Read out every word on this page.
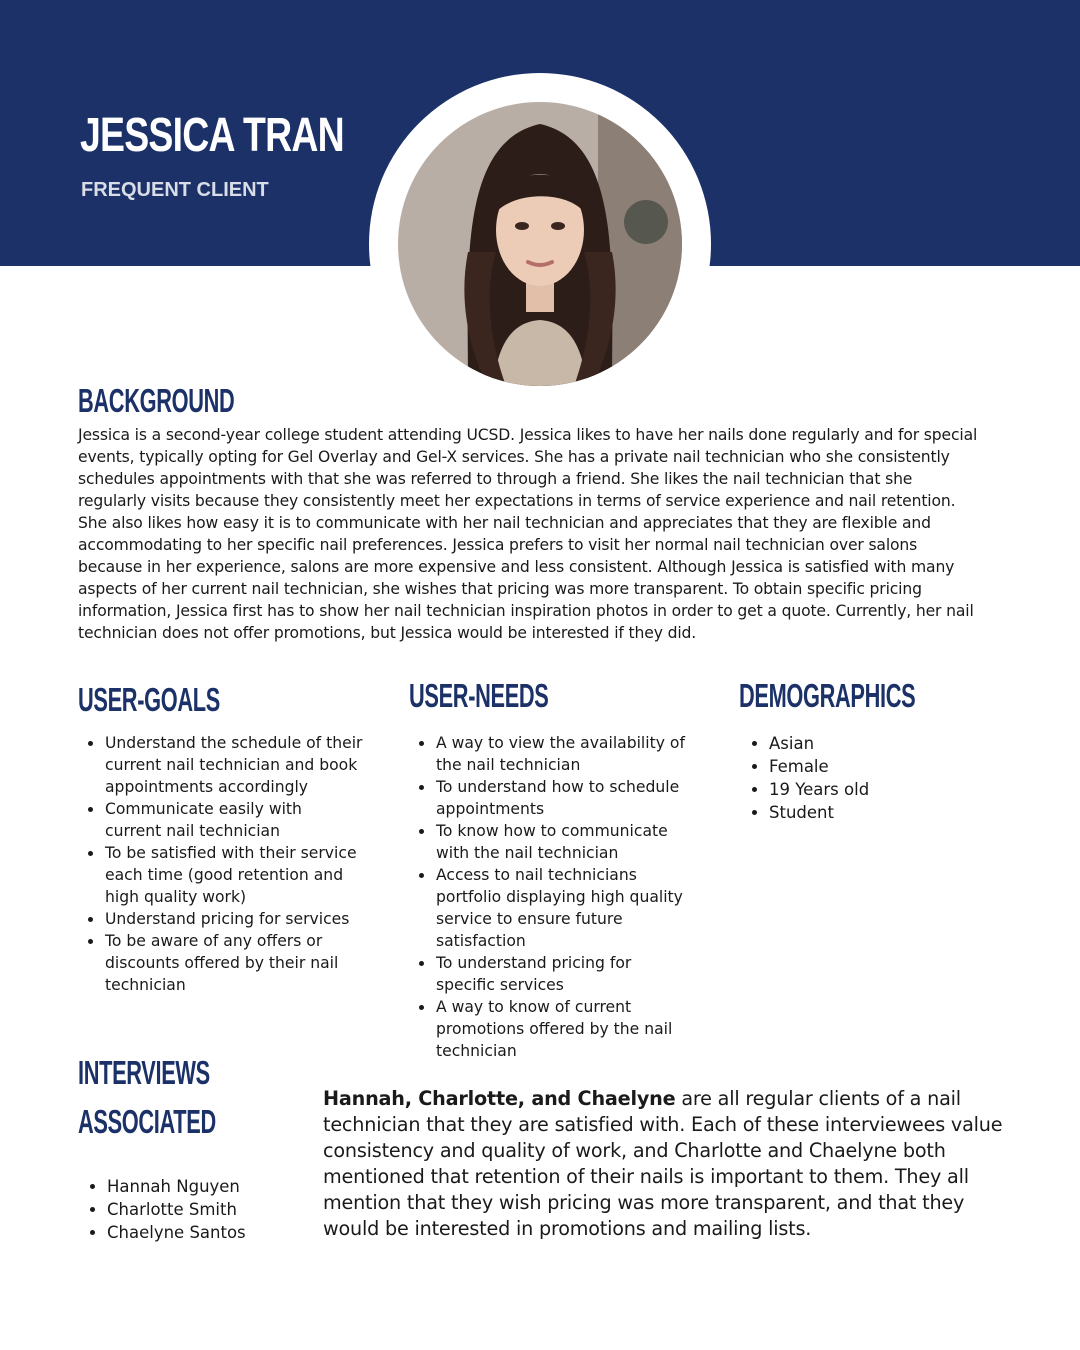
JESSICA TRAN
FREQUENT CLIENT
BACKGROUND

Jessica is a second-year college student attending UCSD. Jessica likes to have her nails done regularly and for special events, typically opting for Gel Overlay and Gel-X services. She has a private nail technician who she consistently schedules appointments with that she was referred to through a friend. She likes the nail technician that she regularly visits because they consistently meet her expectations in terms of service experience and nail retention. She also likes how easy it is to communicate with her nail technician and appreciates that they are flexible and accommodating to her specific nail preferences. Jessica prefers to visit her normal nail technician over salons because in her experience, salons are more expensive and less consistent. Although Jessica is satisfied with many aspects of her current nail technician, she wishes that pricing was more transparent. To obtain specific pricing information, Jessica first has to show her nail technician inspiration photos in order to get a quote. Currently, her nail technician does not offer promotions, but Jessica would be interested if they did.

USER-GOALS
Understand the schedule of their current nail technician and book appointments accordingly
Communicate easily with current nail technician
To be satisfied with their service each time (good retention and high quality work)
Understand pricing for services
To be aware of any offers or discounts offered by their nail technician
USER-NEEDS
A way to view the availability of the nail technician
To understand how to schedule appointments
To know how to communicate with the nail technician
Access to nail technicians portfolio displaying high quality service to ensure future satisfaction
To understand pricing for specific services
A way to know of current promotions offered by the nail technician
DEMOGRAPHICS
Asian
Female
19 Years old
Student
INTERVIEWS
ASSOCIATED
Hannah Nguyen
Charlotte Smith
Chaelyne Santos

Hannah, Charlotte, and Chaelyne are all regular clients of a nail technician that they are satisfied with. Each of these interviewees value consistency and quality of work, and Charlotte and Chaelyne both mentioned that retention of their nails is important to them. They all mention that they wish pricing was more transparent, and that they would be interested in promotions and mailing lists.
